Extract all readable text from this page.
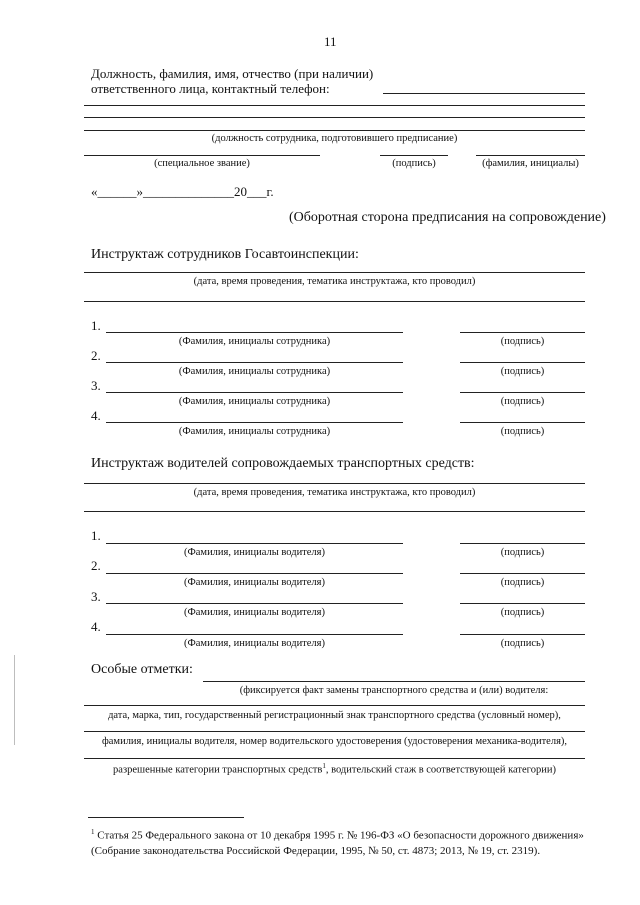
11
Должность, фамилия, имя, отчество (при наличии)
ответственного лица, контактный телефон:
(должность сотрудника, подготовившего предписание)
(специальное звание)	(подпись)	(фамилия, инициалы)
«______»______________20___г.
(Оборотная сторона предписания на сопровождение)
Инструктаж сотрудников Госавтоинспекции:
(дата, время проведения, тематика инструктажа, кто проводил)
1.
(Фамилия, инициалы сотрудника)	(подпись)
2.
(Фамилия, инициалы сотрудника)	(подпись)
3.
(Фамилия, инициалы сотрудника)	(подпись)
4.
(Фамилия, инициалы сотрудника)	(подпись)
Инструктаж водителей сопровождаемых транспортных средств:
(дата, время проведения, тематика инструктажа, кто проводил)
1.
(Фамилия, инициалы водителя)	(подпись)
2.
(Фамилия, инициалы водителя)	(подпись)
3.
(Фамилия, инициалы водителя)	(подпись)
4.
(Фамилия, инициалы водителя)	(подпись)
Особые отметки:
(фиксируется факт замены транспортного средства и (или) водителя:
дата, марка, тип, государственный регистрационный знак транспортного средства (условный номер),
фамилия, инициалы водителя, номер водительского удостоверения (удостоверения механика-водителя),
разрешенные категории транспортных средств$^1$, водительский стаж в соответствующей категории)
$^1$ Статья 25 Федерального закона от 10 декабря 1995 г. № 196-ФЗ «О безопасности дорожного движения» (Собрание законодательства Российской Федерации, 1995, № 50, ст. 4873; 2013, № 19, ст. 2319).
